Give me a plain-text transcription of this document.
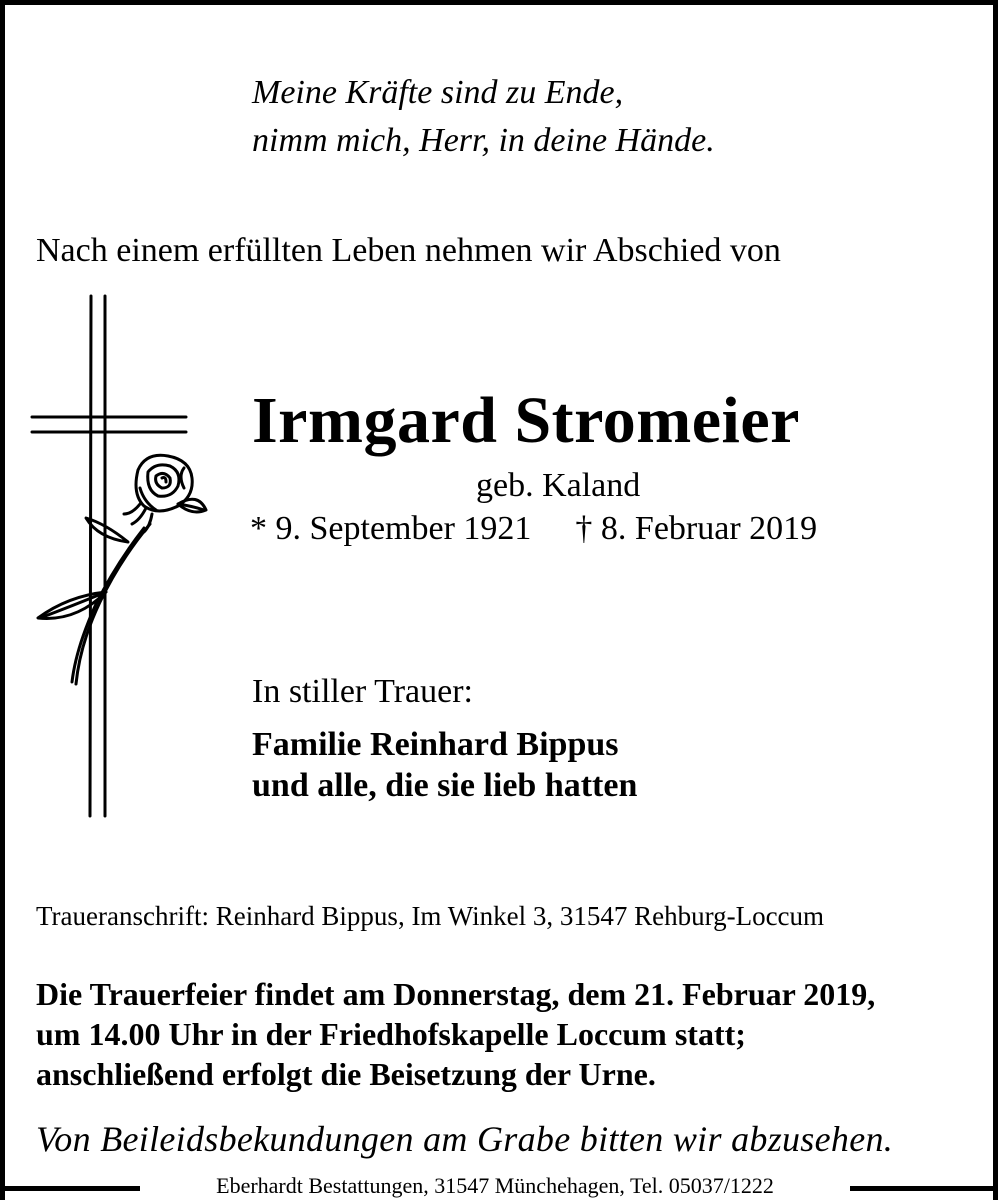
Meine Kräfte sind zu Ende,
nimm mich, Herr, in deine Hände.
Nach einem erfüllten Leben nehmen wir Abschied von
Irmgard Stromeier
geb. Kaland
* 9. September 1921 † 8. Februar 2019
In stiller Trauer:
Familie Reinhard Bippus
und alle, die sie lieb hatten
Traueranschrift: Reinhard Bippus, Im Winkel 3, 31547 Rehburg-Loccum
Die Trauerfeier findet am Donnerstag, dem 21. Februar 2019,
um 14.00 Uhr in der Friedhofskapelle Loccum statt;
anschließend erfolgt die Beisetzung der Urne.
Von Beileidsbekundungen am Grabe bitten wir abzusehen.
Eberhardt Bestattungen, 31547 Münchehagen, Tel. 05037/1222
